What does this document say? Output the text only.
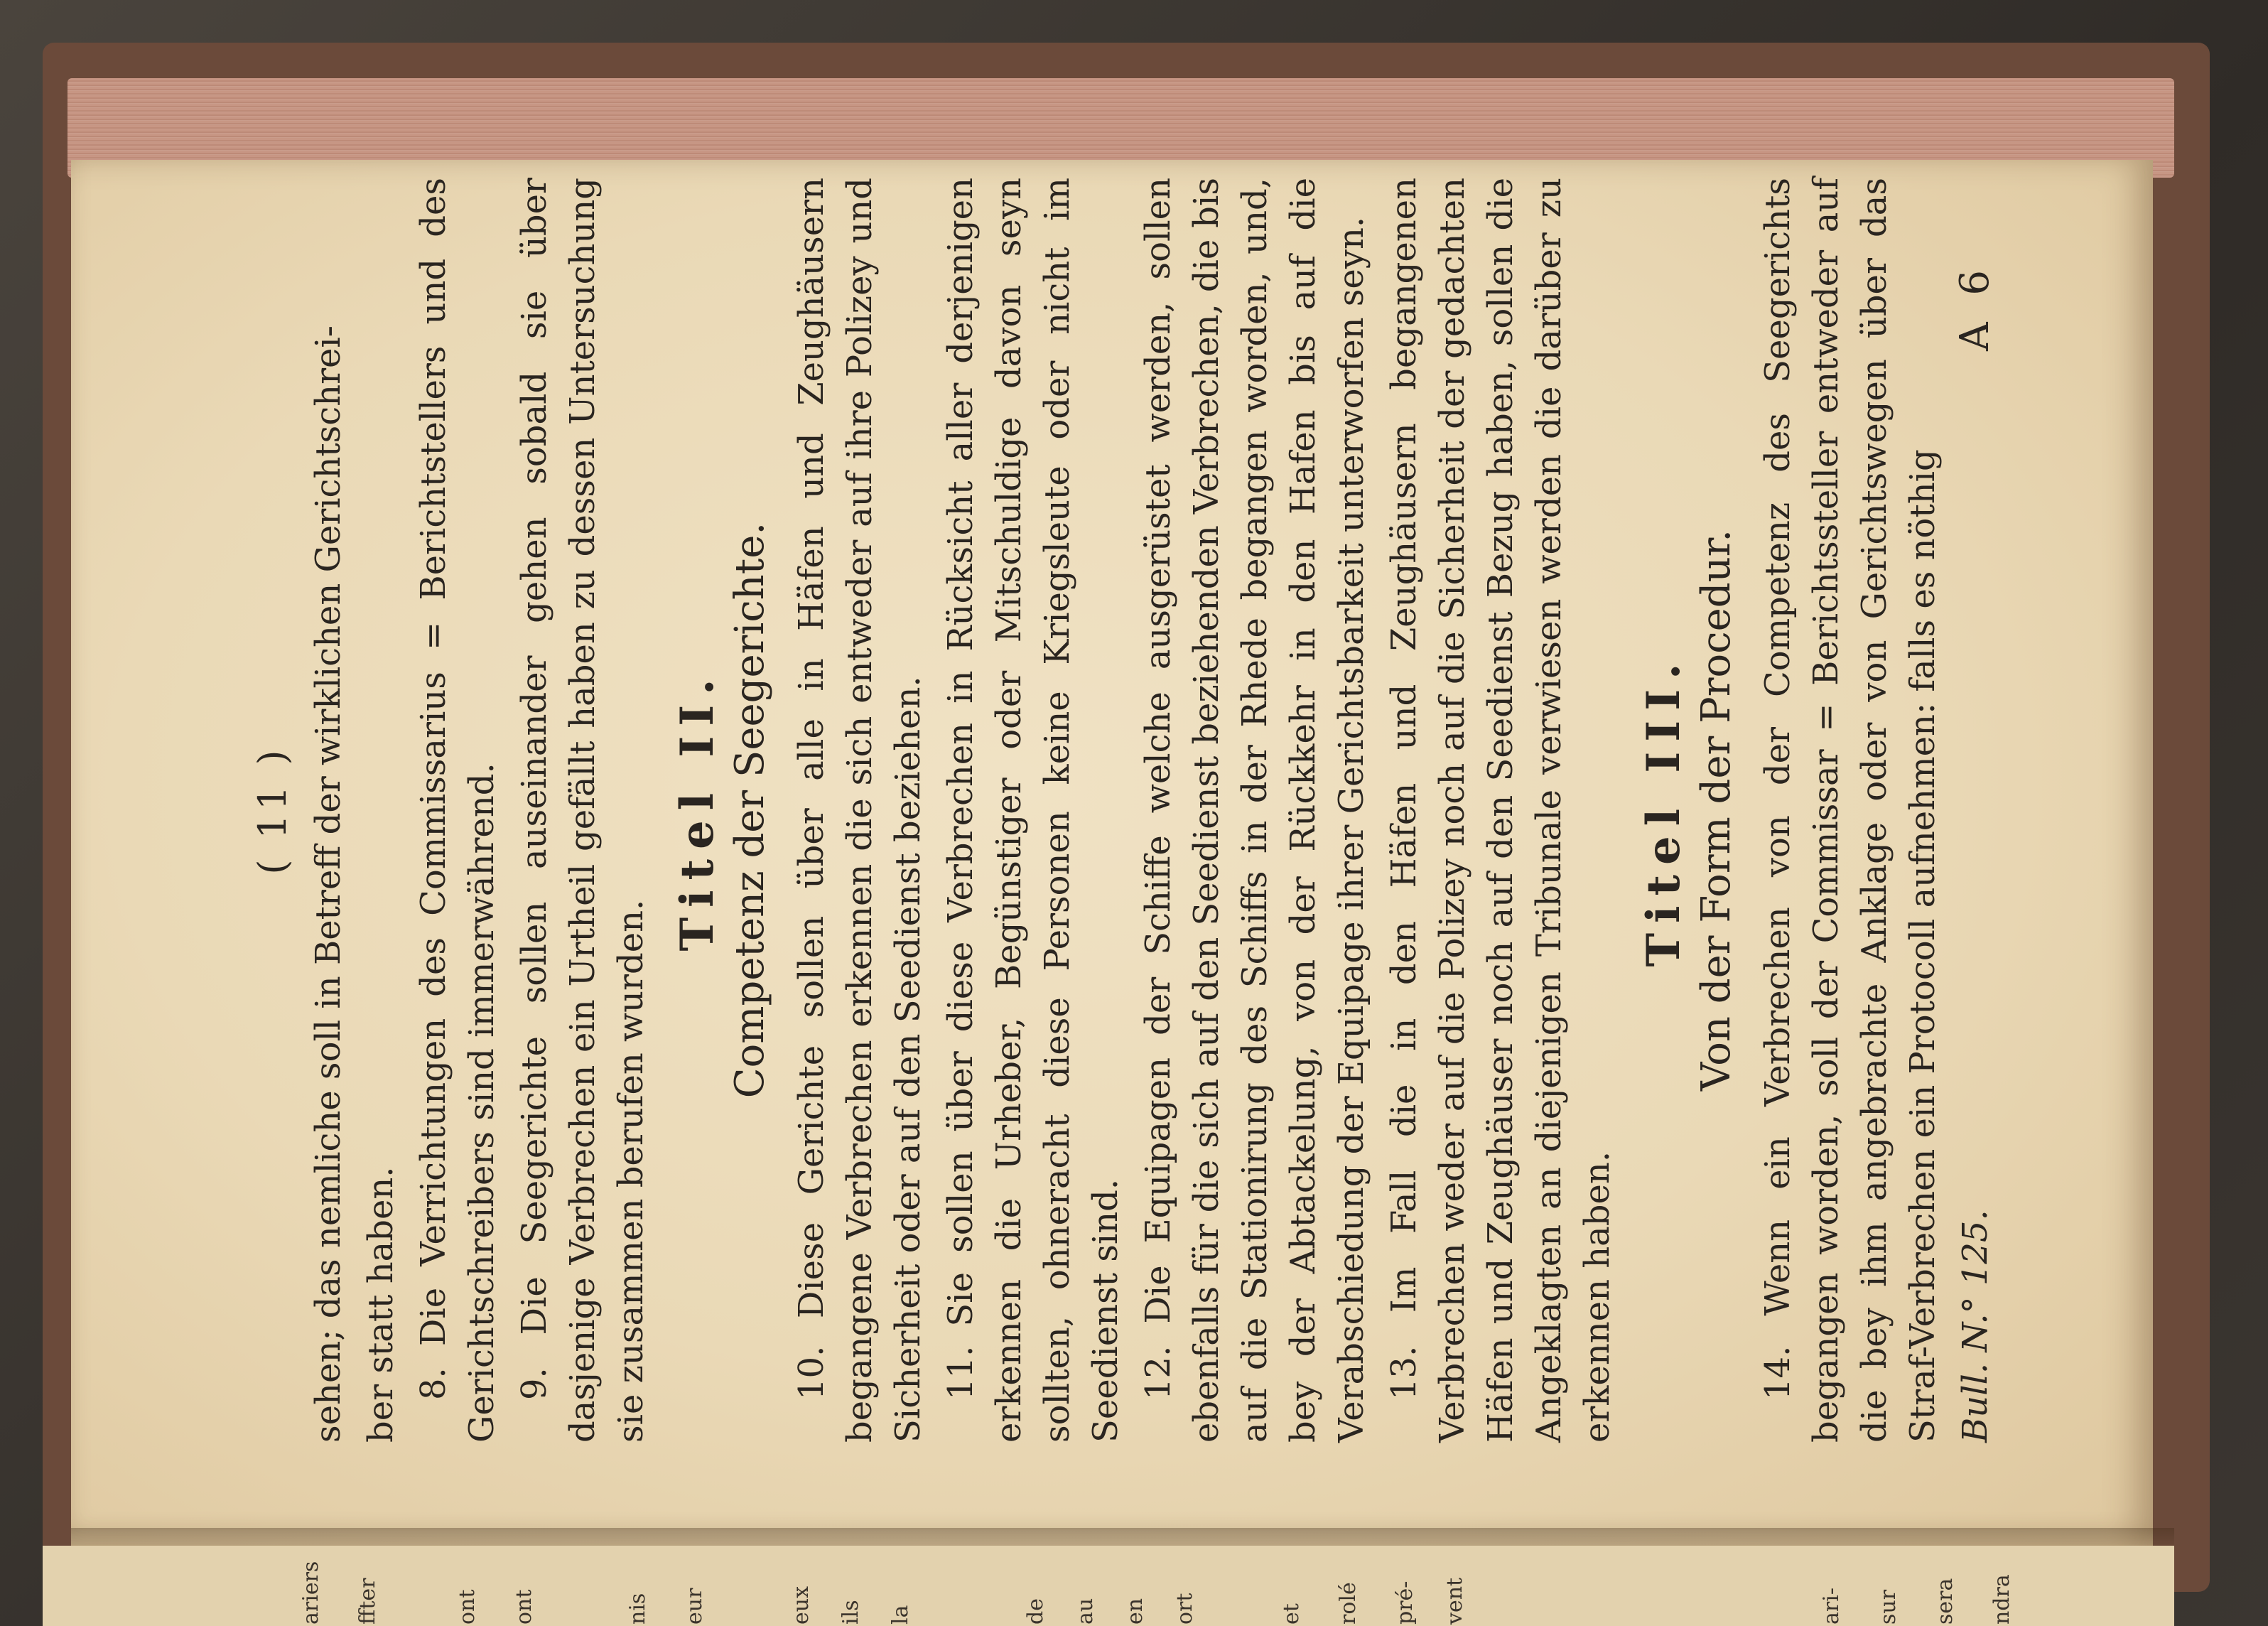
( 11 ) sehen; das nemliche soll in Betreff der wirklichen Gerichtschrei- ber statt haben. 8. Die Verrichtungen des Commissarius = Berichtstellers und des Gerichtschreibers sind immerwährend. 9. Die Seegerichte sollen auseinander gehen sobald sie über dasjenige Verbrechen ein Urtheil gefällt haben zu dessen Untersuchung sie zusammen berufen wurden.

Titel II. Competenz der Seegerichte. 10. Diese Gerichte sollen über alle in Häfen und Zeughäusern begangene Verbrechen erkennen die sich entweder auf ihre Polizey und Sicherheit oder auf den Seedienst beziehen. 11. Sie sollen über diese Verbrechen in Rücksicht aller derjenigen erkennen die Urheber, Begünstiger oder Mitschuldige davon seyn sollten, ohneracht diese Personen keine Kriegsleute oder nicht im Seedienst sind. 12. Die Equipagen der Schiffe welche ausgerüstet werden, sollen ebenfalls für die sich auf den Seedienst beziehenden Verbrechen, die bis auf die Stationirung des Schiffs in der Rhede begangen worden, und, bey der Abtackelung, von der Rückkehr in den Hafen bis auf die Verabschiedung der Equipage ihrer Gerichtsbarkeit unterworfen seyn. 13. Im Fall die in den Häfen und Zeughäusern begangenen Verbrechen weder auf die Polizey noch auf die Sicherheit der gedachten Häfen und Zeughäuser noch auf den Seedienst Bezug haben, sollen die Angeklagten an diejenigen Tribunale verwiesen werden die darüber zu erkennen haben.

Titel III. Von der Form der Procedur. 14. Wenn ein Verbrechen von der Competenz des Seegerichts begangen worden, soll der Commissar = Berichtssteller entweder auf die bey ihm angebrachte Anklage oder von Gerichtswegen über das Straf-Verbrechen ein Protocoll aufnehmen: falls es nöthig Bull. N.° 125.
A 6
ariers ffter	ont ont	nis eur	eux ils la	de au en ort	et rolé pré- vent	ari- sur sera ndra
